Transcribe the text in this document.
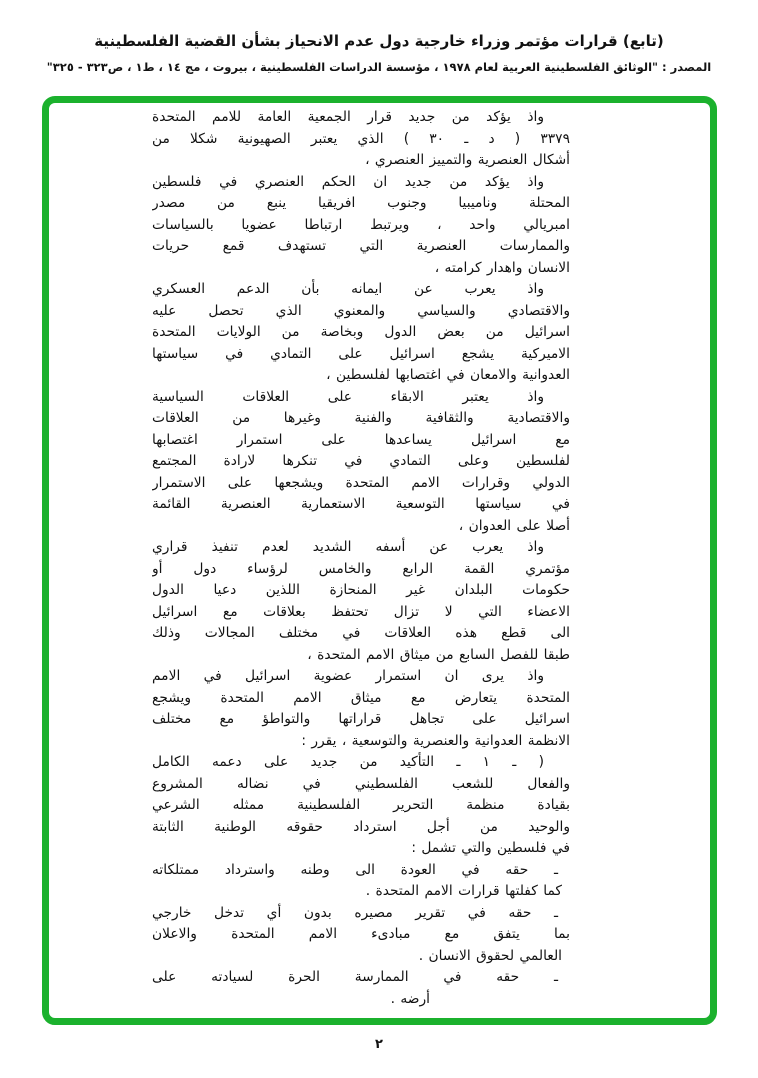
(تابع) قرارات مؤتمر وزراء خارجية دول عدم الانحياز بشأن القضية الفلسطينية
المصدر : "الوثائق الفلسطينية العربية لعام ١٩٧٨ ، مؤسسة الدراسات الفلسطينية ، بيروت ، مج ١٤ ، ط١ ، ص٣٢٣ - ٣٢٥"
واذ يؤكد من جديد قرار الجمعية العامة للامم المتحدة
٣٣٧٩ ( د ـ ٣٠ ) الذي يعتبر الصهيونية شكلا من
أشكال العنصرية والتمييز العنصري ،
واذ يؤكد من جديد ان الحكم العنصري في فلسطين
المحتلة وناميبيا وجنوب افريقيا ينبع من مصدر
امبريالي واحد ، ويرتبط ارتباطا عضويا بالسياسات
والممارسات العنصرية التي تستهدف قمع حريات
الانسان واهدار كرامته ،
واذ يعرب عن ايمانه بأن الدعم العسكري
والاقتصادي والسياسي والمعنوي الذي تحصل عليه
اسرائيل من بعض الدول وبخاصة من الولايات المتحدة
الاميركية يشجع اسرائيل على التمادي في سياستها
العدوانية والامعان في اغتصابها لفلسطين ،
واذ يعتبر الابقاء على العلاقات السياسية
والاقتصادية والثقافية والفنية وغيرها من العلاقات
مع اسرائيل يساعدها على استمرار اغتصابها
لفلسطين وعلى التمادي في تنكرها لارادة المجتمع
الدولي وقرارات الامم المتحدة ويشجعها على الاستمرار
في سياستها التوسعية الاستعمارية العنصرية القائمة
أصلا على العدوان ،
واذ يعرب عن أسفه الشديد لعدم تنفيذ قراري
مؤتمري القمة الرابع والخامس لرؤساء دول أو
حكومات البلدان غير المنحازة اللذين دعيا الدول
الاعضاء التي لا تزال تحتفظ بعلاقات مع اسرائيل
الى قطع هذه العلاقات في مختلف المجالات وذلك
طبقا للفصل السابع من ميثاق الامم المتحدة ،
واذ يرى ان استمرار عضوية اسرائيل في الامم
المتحدة يتعارض مع ميثاق الامم المتحدة ويشجع
اسرائيل على تجاهل قراراتها والتواطؤ مع مختلف
الانظمة العدوانية والعنصرية والتوسعية ، يقرر :
( ـ ١ ـ التأكيد من جديد على دعمه الكامل
والفعال للشعب الفلسطيني في نضاله المشروع
بقيادة منظمة التحرير الفلسطينية ممثله الشرعي
والوحيد من أجل استرداد حقوقه الوطنية الثابتة
في فلسطين والتي تشمل :
ـ حقه في العودة الى وطنه واسترداد ممتلكاته
كما كفلتها قرارات الامم المتحدة .
ـ حقه في تقرير مصيره بدون أي تدخل خارجي
بما يتفق مع مبادىء الامم المتحدة والاعلان
العالمي لحقوق الانسان .
ـ حقه في الممارسة الحرة لسيادته على
أرضه .
٢
